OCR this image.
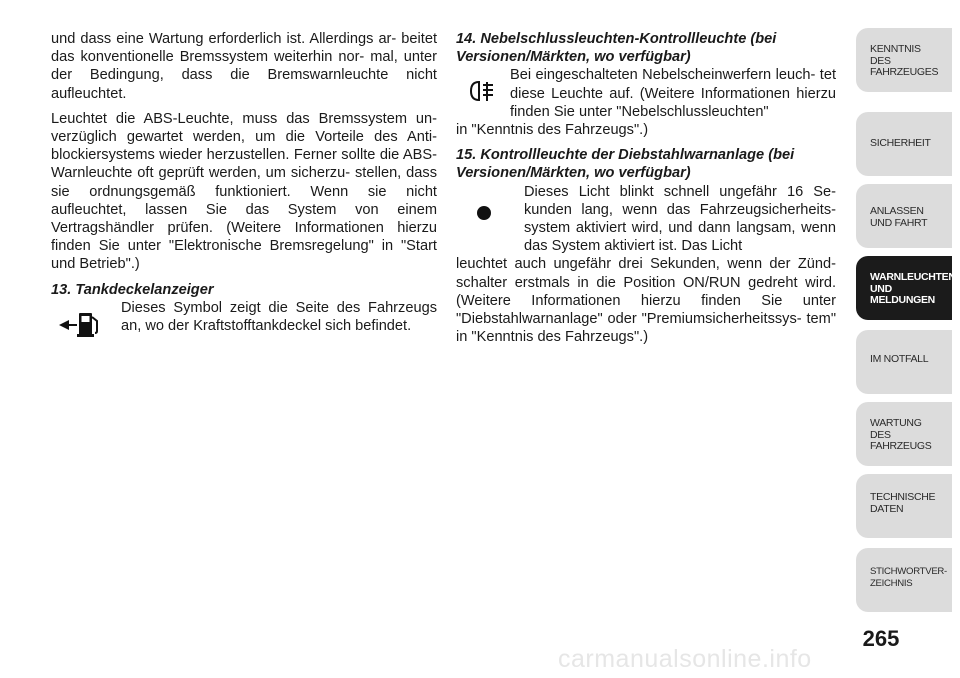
und dass eine Wartung erforderlich ist. Allerdings ar- beitet das konventionelle Bremssystem weiterhin nor- mal, unter der Bedingung, dass die Bremswarnleuchte nicht aufleuchtet.

Leuchtet die ABS-Leuchte, muss das Bremssystem un- verzüglich gewartet werden, um die Vorteile des Anti- blockiersystems wieder herzustellen. Ferner sollte die ABS-Warnleuchte oft geprüft werden, um sicherzu- stellen, dass sie ordnungsgemäß funktioniert. Wenn sie nicht aufleuchtet, lassen Sie das System von einem Vertragshändler prüfen. (Weitere Informationen hierzu finden Sie unter "Elektronische Bremsregelung" in "Start und Betrieb".)

13. Tankdeckelanzeiger
Dieses Symbol zeigt die Seite des Fahrzeugs an, wo der Kraftstofftankdeckel sich befindet.
14. Nebelschlussleuchten-Kontrollleuchte (bei
Versionen/Märkten, wo verfügbar)
Bei eingeschalteten Nebelscheinwerfern leuch- tet diese Leuchte auf. (Weitere Informationen hierzu finden Sie unter "Nebelschlussleuchten"
in "Kenntnis des Fahrzeugs".)
15. Kontrollleuchte der Diebstahlwarnanlage (bei
Versionen/Märkten, wo verfügbar)
Dieses Licht blinkt schnell ungefähr 16 Se- kunden lang, wenn das Fahrzeugsicherheits- system aktiviert wird, und dann langsam, wenn das System aktiviert ist. Das Licht
leuchtet auch ungefähr drei Sekunden, wenn der Zünd- schalter erstmals in die Position ON/RUN gedreht wird. (Weitere Informationen hierzu finden Sie unter "Diebstahlwarnanlage" oder "Premiumsicherheitssys- tem" in "Kenntnis des Fahrzeugs".)
KENNTNIS
DES
FAHRZEUGES
SICHERHEIT
ANLASSEN
UND FAHRT
WARNLEUCHTEN
UND
MELDUNGEN
IM NOTFALL
WARTUNG
DES
FAHRZEUGS
TECHNISCHE
DATEN
STICHWORTVER-
ZEICHNIS
265
carmanualsonline.info
